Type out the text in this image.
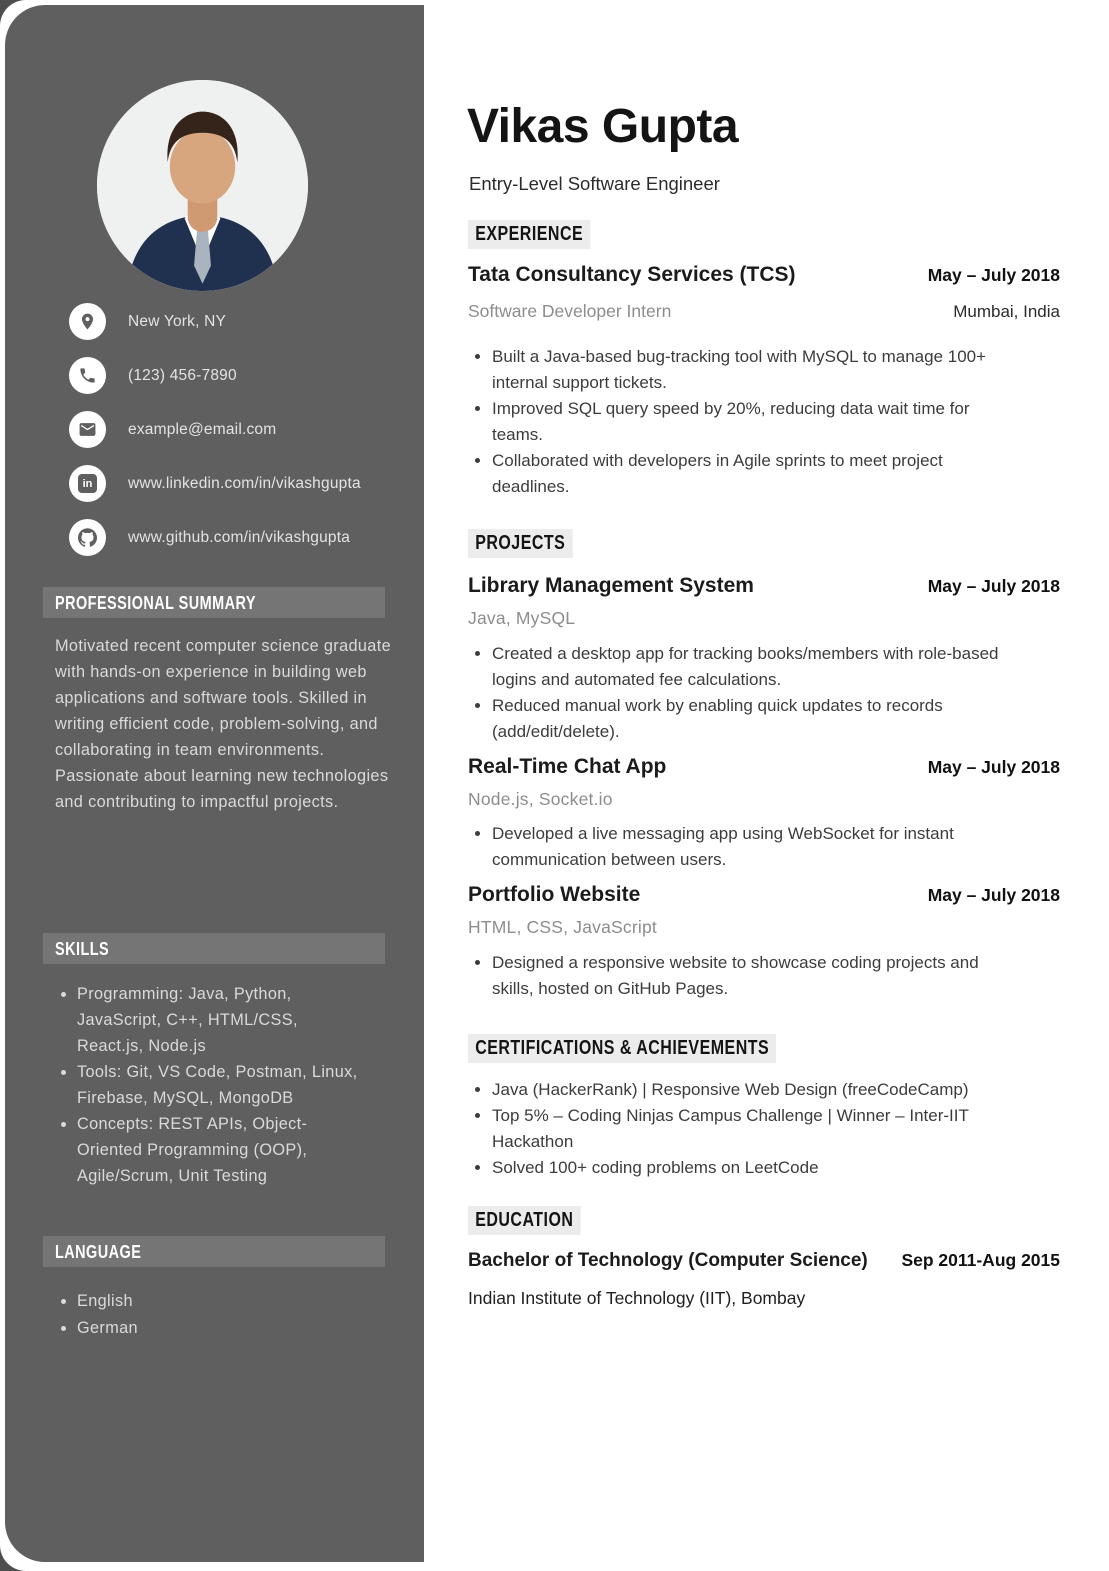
New York, NY
(123) 456-7890
example@email.com
in www.linkedin.com/in/vikashgupta
www.github.com/in/vikashgupta
PROFESSIONAL SUMMARY

Motivated recent computer science graduate with hands-on experience in building web applications and software tools. Skilled in writing efficient code, problem-solving, and collaborating in team environments. Passionate about learning new technologies and contributing to impactful projects.

SKILLS
• Programming: Java, Python, JavaScript, C++, HTML/CSS, React.js, Node.js
• Tools: Git, VS Code, Postman, Linux, Firebase, MySQL, MongoDB
• Concepts: REST APIs, Object-Oriented Programming (OOP), Agile/Scrum, Unit Testing
LANGUAGE
• English
• German
Vikas Gupta
Entry-Level Software Engineer
EXPERIENCE
Tata Consultancy Services (TCS)	May – July 2018
Software Developer Intern	Mumbai, India
• Built a Java-based bug-tracking tool with MySQL to manage 100+ internal support tickets.
• Improved SQL query speed by 20%, reducing data wait time for teams.
• Collaborated with developers in Agile sprints to meet project deadlines.
PROJECTS
Library Management System	May – July 2018
Java, MySQL
• Created a desktop app for tracking books/members with role-based logins and automated fee calculations.
• Reduced manual work by enabling quick updates to records (add/edit/delete).
Real-Time Chat App	May – July 2018
Node.js, Socket.io
• Developed a live messaging app using WebSocket for instant communication between users.
Portfolio Website	May – July 2018
HTML, CSS, JavaScript
• Designed a responsive website to showcase coding projects and skills, hosted on GitHub Pages.
CERTIFICATIONS & ACHIEVEMENTS
• Java (HackerRank) | Responsive Web Design (freeCodeCamp)
• Top 5% – Coding Ninjas Campus Challenge | Winner – Inter-IIT Hackathon
• Solved 100+ coding problems on LeetCode
EDUCATION
Bachelor of Technology (Computer Science) Sep 2011-Aug 2015
Indian Institute of Technology (IIT), Bombay
